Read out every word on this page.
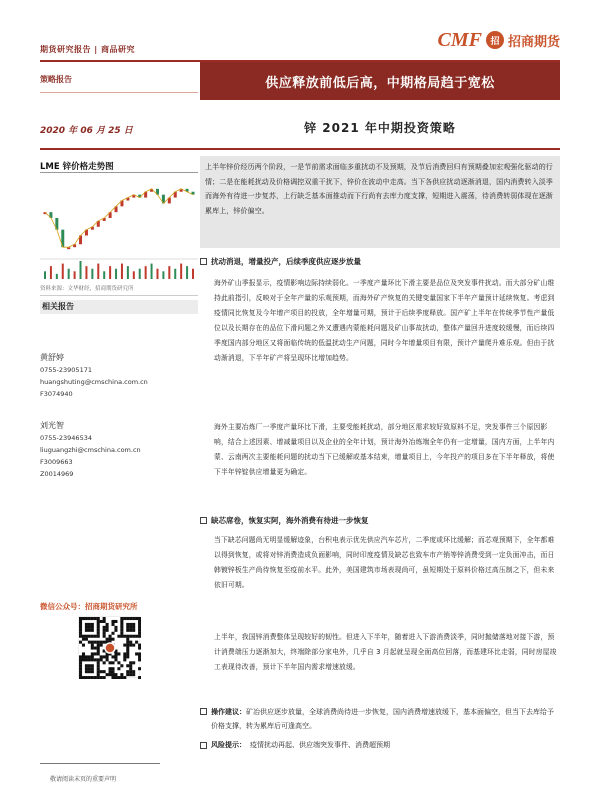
期货研究报告 | 商品研究	CMF 招 招商期货
策略报告	供应释放前低后高，中期格局趋于宽松
2020 年 06 月 25 日	锌 2021 年中期投资策略
LME 锌价格走势图
资料来源：文华财经，招商期货研究所
相关报告
黄舒婷
0755-23905171
huangshuting@cmschina.com.cn
F3074940
刘光智
0755-23946534
liuguangzhi@cmschina.com.cn
F3009663
Z0014969
微信公众号：招商期货研究所
上半年锌价经历两个阶段，一是节前需求面临多重扰动不及预期，及节后消费回归有预期叠加宏观强化驱动的行情；二是在能耗扰动及价格调控双重干扰下，锌价在波动中走高。当下各供应扰动逐渐消退，国内消费转入淡季而海外有待进一步复苏，上行缺乏基本面推动而下行尚有去库力度支撑，短期进入震荡，待消费转弱体现在逐渐累库上，锌价偏空。
扰动消退，增量投产，后续季度供应逐步放量
海外矿山季报显示，疫情影响边际持续弱化。一季度产量环比下滑主要是品位及突发事件扰动。而大部分矿山维持此前指引，反映对于全年产量的乐观预期，而海外矿产恢复的关键变量国家下半年产量预计延续恢复。考虑到疫情同比恢复及今年增产项目的投放，全年增量可期，预计于后续季度释放。国产矿上半年在传统季节性产量低位以及长期存在的品位下滑问题之外又遭遇内蒙能耗问题及矿山事故扰动，整体产量回升进度较缓慢，而后续四季度国内部分地区又将面临传统的低温扰动生产问题，同时今年增量项目有限，预计产量爬升难乐观。但由于扰动渐消退，下半年矿产将呈现环比增加趋势。
海外主要冶炼厂一季度产量环比下滑，主要受能耗扰动，部分地区需求较好致原料不足，突发事件三个原因影响，结合上述因素、增减量项目以及企业的全年计划，预计海外冶炼端全年仍有一定增量，国内方面，上半年内蒙、云南两次主要能耗问题的扰动当下已缓解或基本结束，增量项目上，今年投产的项目多在下半年释放，将使下半年锌锭供应增量更为确定。
缺芯席卷，恢复实阿，海外消费有待进一步恢复
当下缺芯问题尚无明显缓解迹象，台积电表示优先供应汽车芯片，二季度或环比缓解；而芯观预期下，全年都难以得到恢复，或将对锌消费造成负面影响，同时印度疫情及缺芯也致车市产销等锌消费受到一定负面冲击，而日韩镀锌板生产尚待恢复至疫前水平。此外，美国建筑市场表现尚可，虽短期处于原料价格过高压制之下，但未来依旧可期。
上半年，我国锌消费整体呈现较好的韧性。但进入下半年，随着进入下游消费淡季，同时抛储落地对接下游，预计消费端压力逐渐加大，终端除部分家电外，几乎自 3 月起就呈现全面高位回落，而基建环比走弱，同时房屋竣工表现待改善，预计下半年国内需求增速放缓。
操作建议：矿冶供应逐步放量，全球消费尚待进一步恢复，国内消费增速放缓下，基本面偏空，但当下去库给予价格支撑，转为累库后可逢高空。
风险提示： 疫情扰动再起、供应端突发事件、消费超预期
敬请阅读末页的重要声明
